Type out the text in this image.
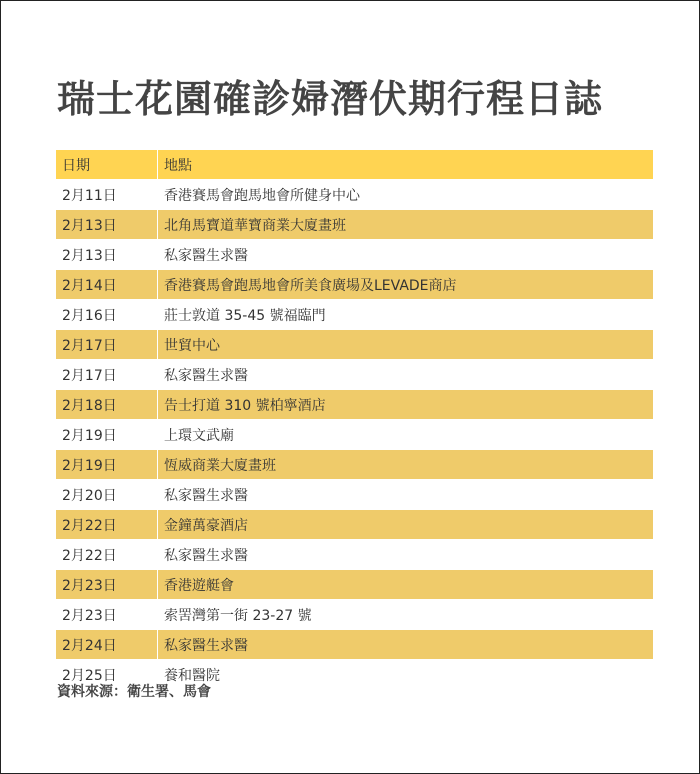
瑞士花園確診婦潛伏期行程日誌
日期	地點
2月11日	香港賽馬會跑馬地會所健身中心
2月13日	北角馬寶道華寶商業大廈畫班
2月13日	私家醫生求醫
2月14日	香港賽馬會跑馬地會所美食廣場及LEVADE商店
2月16日	莊士敦道 35-45 號福臨門
2月17日	世貿中心
2月17日	私家醫生求醫
2月18日	告士打道 310 號柏寧酒店
2月19日	上環文武廟
2月19日	恆威商業大廈畫班
2月20日	私家醫生求醫
2月22日	金鐘萬豪酒店
2月22日	私家醫生求醫
2月23日	香港遊艇會
2月23日	索罟灣第一街 23-27 號
2月24日	私家醫生求醫
2月25日	養和醫院
資料來源：衛生署、馬會
